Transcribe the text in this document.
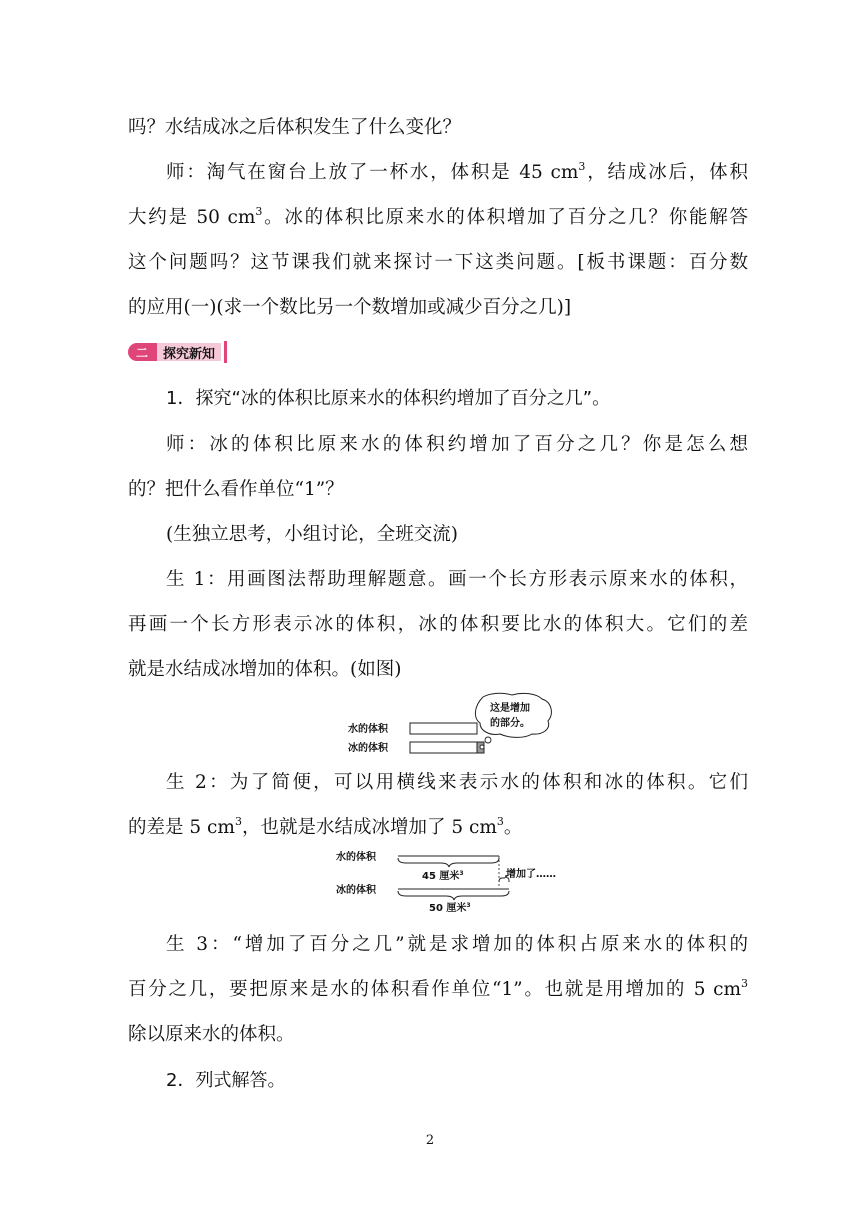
吗？水结成冰之后体积发生了什么变化？
师：淘气在窗台上放了一杯水，体积是 45 $cm^3$，结成冰后，体积
大约是 50 $cm^3$。冰的体积比原来水的体积增加了百分之几？你能解答
这个问题吗？这节课我们就来探讨一下这类问题。[板书课题：百分数
的应用(一)(求一个数比另一个数增加或减少百分之几)]
二	探究新知
1．探究“冰的体积比原来水的体积约增加了百分之几”。
师：冰的体积比原来水的体积约增加了百分之几？你是怎么想
的？把什么看作单位“1”？
(生独立思考，小组讨论，全班交流)
生 1：用画图法帮助理解题意。画一个长方形表示原来水的体积，
再画一个长方形表示冰的体积，冰的体积要比水的体积大。它们的差
就是水结成冰增加的体积。(如图)
水的体积
冰的体积
这是增加
的部分。
生 2：为了简便，可以用横线来表示水的体积和冰的体积。它们
的差是 5 $cm^3$，也就是水结成冰增加了 5 $cm^3$。
水的体积
冰的体积
45 厘米$^3$
50 厘米$^3$
增加了……
生 3：“增加了百分之几”就是求增加的体积占原来水的体积的
百分之几，要把原来是水的体积看作单位“1”。也就是用增加的 5 $cm^3$
除以原来水的体积。
2．列式解答。
2
